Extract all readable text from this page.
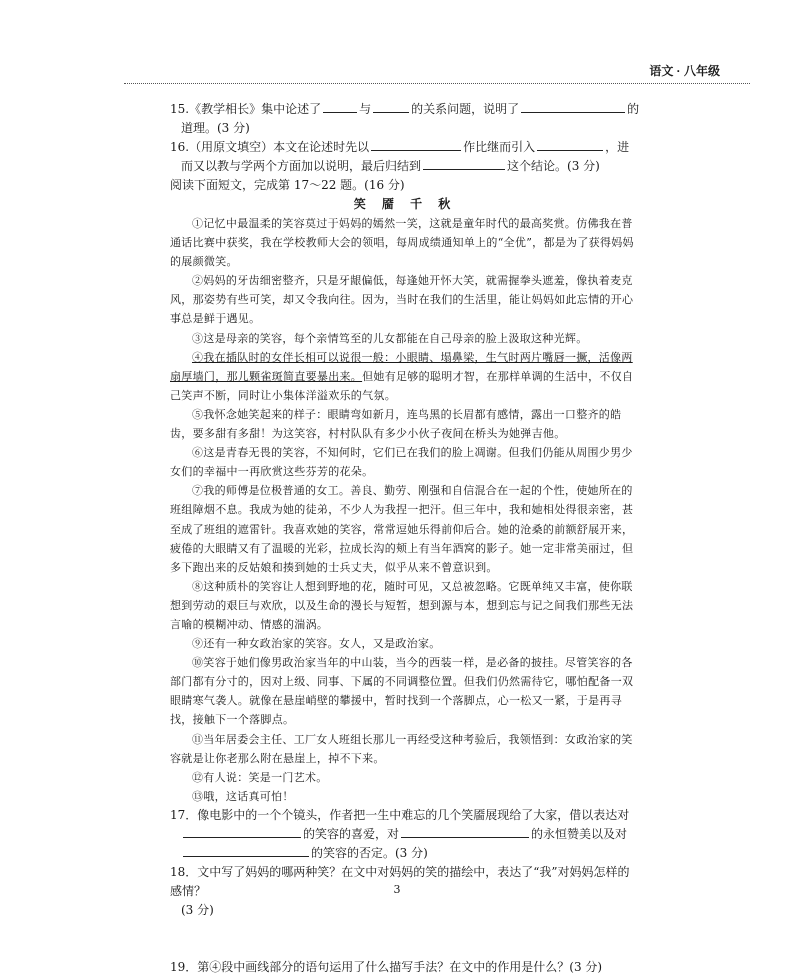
语文 · 八年级

15.《教学相长》集中论述了	与	的关系问题，说明了	的

道理。(3 分)

16.（用原文填空）本文在论述时先以	作比继而引入	，进

而又以教与学两个方面加以说明，最后归结到	这个结论。(3 分)

阅读下面短文，完成第 17～22 题。(16 分)

笑 靥 千 秋

①记忆中最温柔的笑容莫过于妈妈的嫣然一笑，这就是童年时代的最高奖赏。仿佛我在普通话比赛中获奖，我在学校教师大会的领唱，每周成绩通知单上的“全优”，都是为了获得妈妈的展颜微笑。

②妈妈的牙齿细密整齐，只是牙龈偏低，每逢她开怀大笑，就需握拳头遮羞，像执着麦克风，那姿势有些可笑，却又令我向往。因为，当时在我们的生活里，能让妈妈如此忘情的开心事总是鲜于遇见。

③这是母亲的笑容，每个亲情笃至的儿女都能在自己母亲的脸上汲取这种光辉。

④我在插队时的女伴长相可以说很一般：小眼睛、塌鼻梁，生气时两片嘴唇一撅，活像两扇厚墙门，那儿颗雀斑简直要暴出来。但她有足够的聪明才智，在那样单调的生活中，不仅自己笑声不断，同时让小集体洋溢欢乐的气氛。

⑤我怀念她笑起来的样子：眼睛弯如新月，连鸟黑的长眉都有感情，露出一口整齐的皓齿，要多甜有多甜！为这笑容，村村队队有多少小伙子夜间在桥头为她弹吉他。

⑥这是青春无畏的笑容，不知何时，它们已在我们的脸上凋谢。但我们仍能从周围少男少女们的幸福中一再欣赏这些芬芳的花朵。

⑦我的师傅是位极普通的女工。善良、勤劳、刚强和自信混合在一起的个性，使她所在的班组障烟不息。我成为她的徒弟，不少人为我捏一把汗。但三年中，我和她相处得很亲密，甚至成了班组的遮雷针。我喜欢她的笑容，常常逗她乐得前仰后合。她的沧桑的前额舒展开来，疲倦的大眼睛又有了温暖的光彩，拉成长沟的颊上有当年酒窝的影子。她一定非常美丽过，但多下跑出来的反姑娘和揍到她的士兵丈夫，似乎从来不曾意识到。

⑧这种质朴的笑容让人想到野地的花，随时可见，又总被忽略。它既单纯又丰富，使你联想到劳动的艰巨与欢欣，以及生命的漫长与短暂，想到源与本，想到忘与记之间我们那些无法言喻的模糊冲动、情感的湍涡。

⑨还有一种女政治家的笑容。女人，又是政治家。

⑩笑容于她们像男政治家当年的中山装，当今的西装一样，是必备的披挂。尽管笑容的各部门都有分寸的，因对上级、同事、下属的不同调整位置。但我们仍然需待它，哪怕配备一双眼睛寒气袭人。就像在悬崖峭壁的攀援中，暂时找到一个落脚点，心一松又一紧，于是再寻找，接触下一个落脚点。

⑪当年居委会主任、工厂女人班组长那儿一再经受这种考验后，我领悟到：女政治家的笑容就是让你老那么附在悬崖上，掉不下来。

⑫有人说：笑是一门艺术。

⑬哦，这话真可怕！

17．像电影中的一个个镜头，作者把一生中难忘的几个笑靥展现给了大家，借以表达对

的笑容的喜爱，对	的永恒赞美以及对

的笑容的否定。(3 分)

18．文中写了妈妈的哪两种笑？在文中对妈妈的笑的描绘中，表达了“我”对妈妈怎样的感情？

(3 分)

19．第④段中画线部分的语句运用了什么描写手法？在文中的作用是什么？(3 分)

3
